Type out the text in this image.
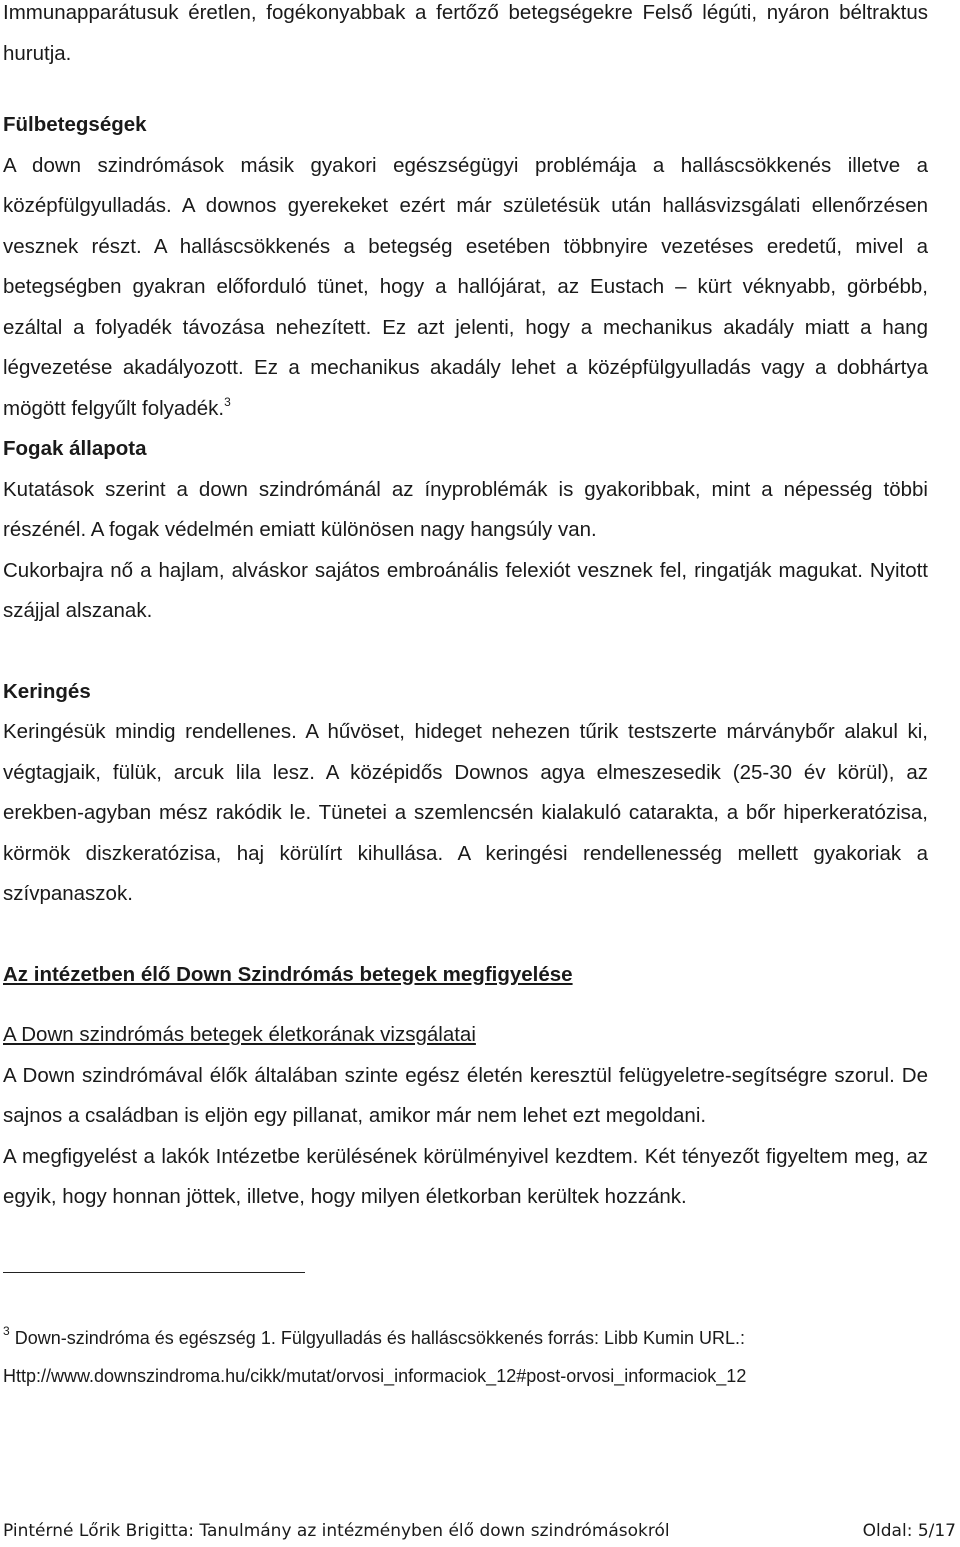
Immunapparátusuk éretlen, fogékonyabbak a fertőző betegségekre Felső légúti, nyáron béltraktus hurutja.

Fülbetegségek

A down szindrómások másik gyakori egészségügyi problémája a halláscsökkenés illetve a középfülgyulladás. A downos gyerekeket ezért már születésük után hallásvizsgálati ellenőrzésen vesznek részt. A halláscsökkenés a betegség esetében többnyire vezetéses eredetű, mivel a betegségben gyakran előforduló tünet, hogy a hallójárat, az Eustach – kürt véknyabb, görbébb, ezáltal a folyadék távozása nehezített. Ez azt jelenti, hogy a mechanikus akadály miatt a hang légvezetése akadályozott. Ez a mechanikus akadály lehet a középfülgyulladás vagy a dobhártya mögött felgyűlt folyadék.$^3$

Fogak állapota

Kutatások szerint a down szindrómánál az ínyproblémák is gyakoribbak, mint a népesség többi részénél. A fogak védelmén emiatt különösen nagy hangsúly van.

Cukorbajra nő a hajlam, alváskor sajátos embroánális felexiót vesznek fel, ringatják magukat. Nyitott szájjal alszanak.

Keringés

Keringésük mindig rendellenes. A hűvöset, hideget nehezen tűrik testszerte márványbőr alakul ki, végtagjaik, fülük, arcuk lila lesz. A középidős Downos agya elmeszesedik (25-30 év körül), az erekben-agyban mész rakódik le. Tünetei a szemlencsén kialakuló catarakta, a bőr hiperkeratózisa, körmök diszkeratózisa, haj körülírt kihullása. A keringési rendellenesség mellett gyakoriak a szívpanaszok.

Az intézetben élő Down Szindrómás betegek megfigyelése

A Down szindrómás betegek életkorának vizsgálatai

A Down szindrómával élők általában szinte egész életén keresztül felügyeletre-segítségre szorul. De sajnos a családban is eljön egy pillanat, amikor már nem lehet ezt megoldani.

A megfigyelést a lakók Intézetbe kerülésének körülményivel kezdtem. Két tényezőt figyeltem meg, az egyik, hogy honnan jöttek, illetve, hogy milyen életkorban kerültek hozzánk.

$^3$ Down-szindróma és egészség 1. Fülgyulladás és halláscsökkenés forrás: Libb Kumin URL.:
Http://www.downszindroma.hu/cikk/mutat/orvosi_informaciok_12#post-orvosi_informaciok_12
Pintérné Lőrik Brigitta: Tanulmány az intézményben élő down szindrómásokról	Oldal: 5/17
